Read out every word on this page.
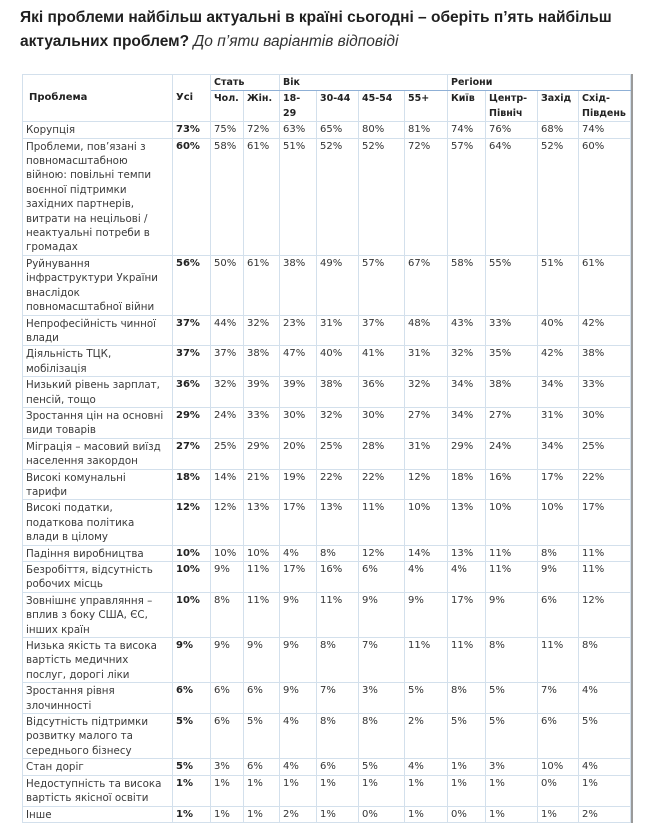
Які проблеми найбільш актуальні в країні сьогодні – оберіть п’ять найбільш актуальних проблем? До п’яти варіантів відповіді
Проблема	Усі	Стать		Вік				Регіони			
		Чол.	Жін.	18-29	30-44	45-54	55+	Київ	Центр-Північ	Захід	Схід-Південь
Корупція	73%	75%	72%	63%	65%	80%	81%	74%	76%	68%	74%
Проблеми, пов’язані з повномасштабною війною: повільні темпи воєнної підтримки західних партнерів, витрати на нецільові / неактуальні потреби в громадах	60%	58%	61%	51%	52%	52%	72%	57%	64%	52%	60%
Руйнування інфраструктури України внаслідок повномасштабної війни	56%	50%	61%	38%	49%	57%	67%	58%	55%	51%	61%
Непрофесійність чинної влади	37%	44%	32%	23%	31%	37%	48%	43%	33%	40%	42%
Діяльність ТЦК, мобілізація	37%	37%	38%	47%	40%	41%	31%	32%	35%	42%	38%
Низький рівень зарплат, пенсій, тощо	36%	32%	39%	39%	38%	36%	32%	34%	38%	34%	33%
Зростання цін на основні види товарів	29%	24%	33%	30%	32%	30%	27%	34%	27%	31%	30%
Міграція – масовий виїзд населення закордон	27%	25%	29%	20%	25%	28%	31%	29%	24%	34%	25%
Високі комунальні тарифи	18%	14%	21%	19%	22%	22%	12%	18%	16%	17%	22%
Високі податки, податкова політика влади в цілому	12%	12%	13%	17%	13%	11%	10%	13%	10%	10%	17%
Падіння виробництва	10%	10%	10%	4%	8%	12%	14%	13%	11%	8%	11%
Безробіття, відсутність робочих місць	10%	9%	11%	17%	16%	6%	4%	4%	11%	9%	11%
Зовнішнє управляння – вплив з боку США, ЄС, інших країн	10%	8%	11%	9%	11%	9%	9%	17%	9%	6%	12%
Низька якість та висока вартість медичних послуг, дорогі ліки	9%	9%	9%	9%	8%	7%	11%	11%	8%	11%	8%
Зростання рівня злочинності	6%	6%	6%	9%	7%	3%	5%	8%	5%	7%	4%
Відсутність підтримки розвитку малого та середнього бізнесу	5%	6%	5%	4%	8%	8%	2%	5%	5%	6%	5%
Стан доріг	5%	3%	6%	4%	6%	5%	4%	1%	3%	10%	4%
Недоступність та висока вартість якісної освіти	1%	1%	1%	1%	1%	1%	1%	1%	1%	0%	1%
Інше	1%	1%	1%	2%	1%	0%	1%	0%	1%	1%	2%
